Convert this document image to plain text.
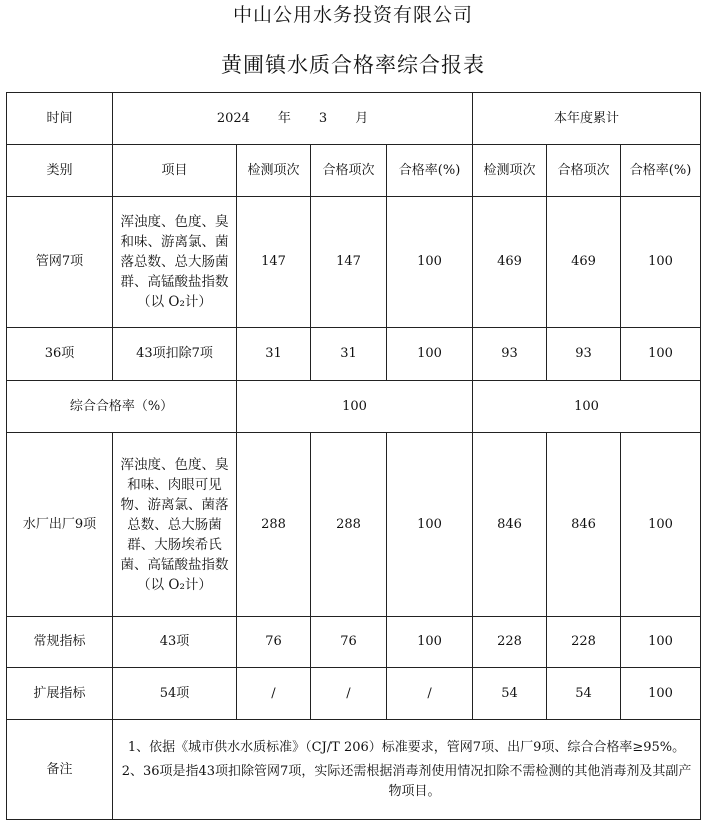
中山公用水务投资有限公司
黄圃镇水质合格率综合报表
时间	2024 年 3 月				本年度累计		
类别	项目	检测项次	合格项次	合格率(%)	检测项次	合格项次	合格率(%)
管网7项	浑浊度、色度、臭和味、游离氯、菌落总数、总大肠菌群、高锰酸盐指数（以 O₂计）	147	147	100	469	469	100
36项	43项扣除7项	31	31	100	93	93	100
综合合格率（%）		100			100		
水厂出厂9项	浑浊度、色度、臭和味、肉眼可见物、游离氯、菌落总数、总大肠菌群、大肠埃希氏菌、高锰酸盐指数（以 O₂计）	288	288	100	846	846	100
常规指标	43项	76	76	100	228	228	100
扩展指标	54项	/	/	/	54	54	100
备注	1、依据《城市供水水质标准》（CJ/T 206）标准要求，管网7项、出厂9项、综合合格率≥95%。
2、36项是指43项扣除管网7项，实际还需根据消毒剂使用情况扣除不需检测的其他消毒剂及其副产物项目。						
